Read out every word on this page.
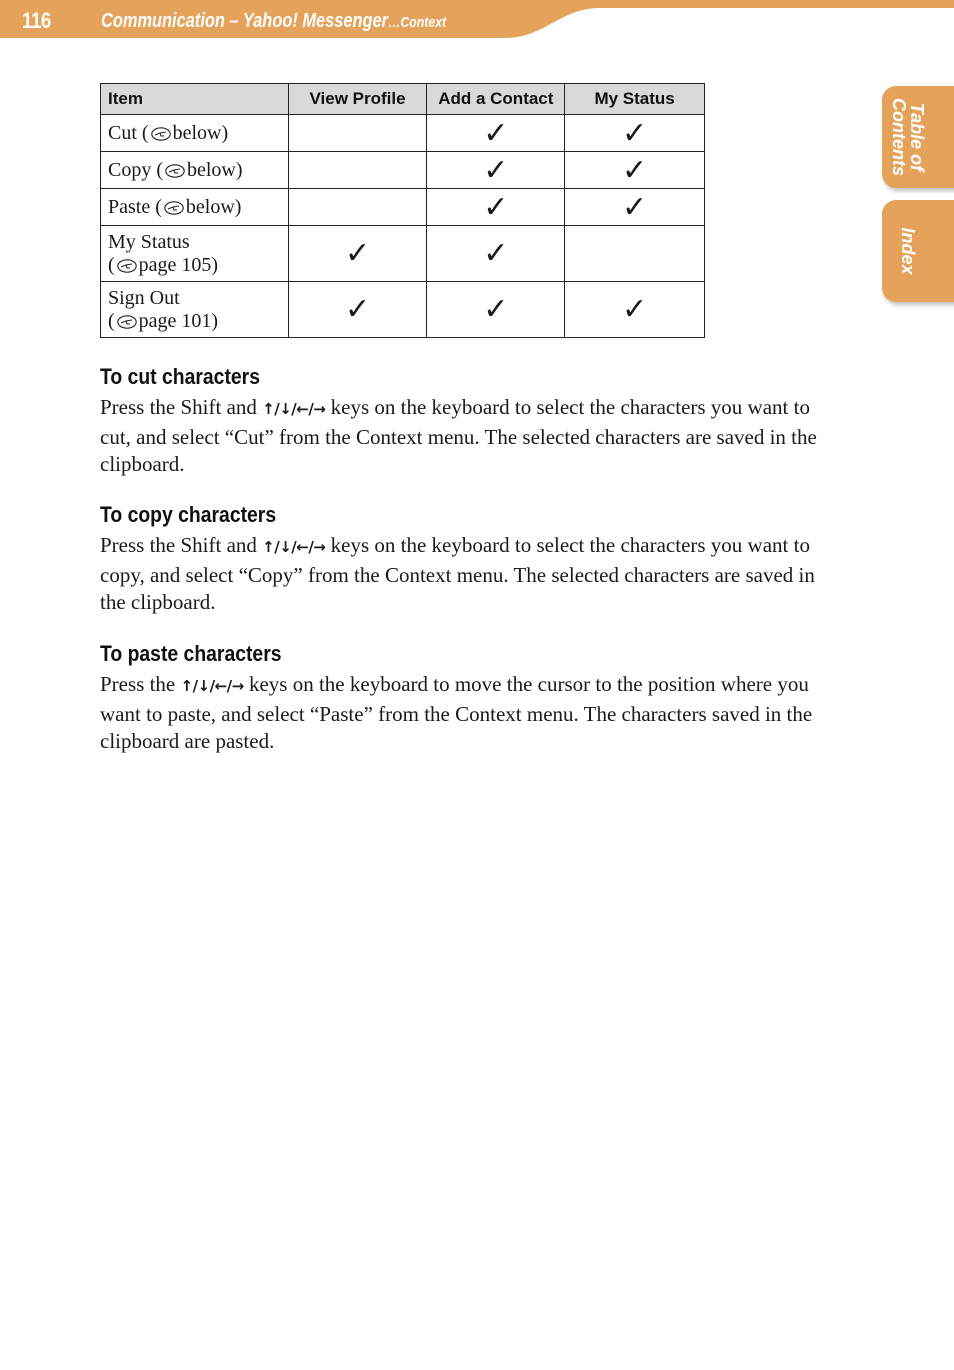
116	Communication – Yahoo! Messenger…Context
Table of
Contents
Index
Item	View Profile	Add a Contact	My Status
Cut ( below)		✓	✓
Copy ( below)		✓	✓
Paste ( below)		✓	✓

My Status
( page 105)	✓	✓	

Sign Out
( page 101)	✓	✓	✓
To cut characters

Press the Shift and ↑/↓/←/→ keys on the keyboard to select the characters you want to cut, and select “Cut” from the Context menu. The selected characters are saved in the clipboard.

To copy characters

Press the Shift and ↑/↓/←/→ keys on the keyboard to select the characters you want to copy, and select “Copy” from the Context menu. The selected characters are saved in the clipboard.

To paste characters

Press the ↑/↓/←/→ keys on the keyboard to move the cursor to the position where you want to paste, and select “Paste” from the Context menu. The characters saved in the clipboard are pasted.
